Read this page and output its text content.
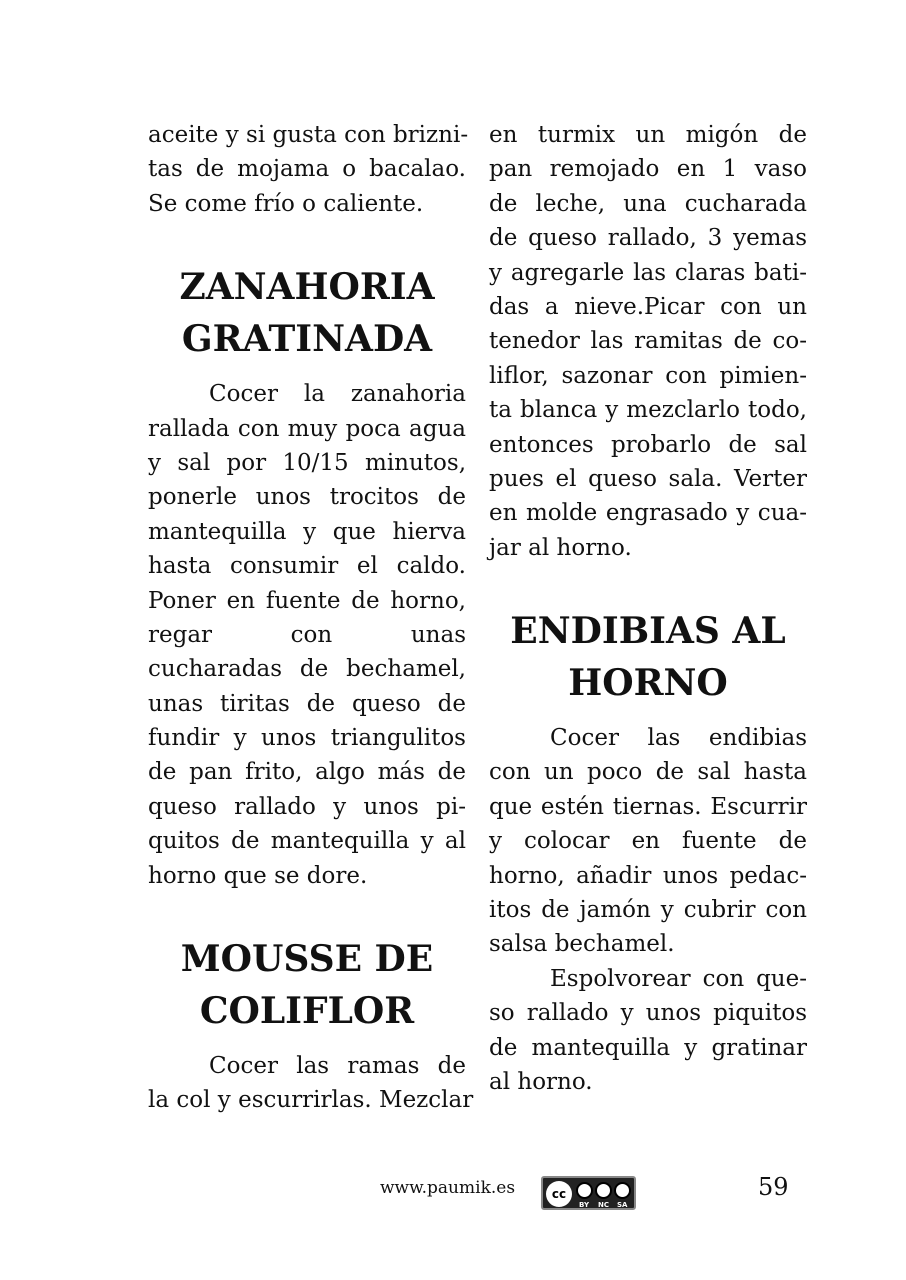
aceite y si gusta con brizni-
tas de mojama o bacalao.
Se come frío o caliente.
ZANAHORIA
GRATINADA
Cocer la zanahoria
rallada con muy poca agua
y sal por 10/15 minutos,
ponerle unos trocitos de
mantequilla y que hierva
hasta consumir el caldo.
Poner en fuente de horno,
regar con unas
cucharadas de bechamel,
unas tiritas de queso de
fundir y unos triangulitos
de pan frito, algo más de
queso rallado y unos pi-
quitos de mantequilla y al
horno que se dore.
MOUSSE DE
COLIFLOR
Cocer las ramas de
la col y escurrirlas. Mezclar
en turmix un migón de
pan remojado en 1 vaso
de leche, una cucharada
de queso rallado, 3 yemas
y agregarle las claras bati-
das a nieve.Picar con un
tenedor las ramitas de co-
liflor, sazonar con pimien-
ta blanca y mezclarlo todo,
entonces probarlo de sal
pues el queso sala. Verter
en molde engrasado y cua-
jar al horno.
ENDIBIAS AL
HORNO
Cocer las endibias
con un poco de sal hasta
que estén tiernas. Escurrir
y colocar en fuente de
horno, añadir unos pedac-
itos de jamón y cubrir con
salsa bechamel.
Espolvorear con que-
so rallado y unos piquitos
de mantequilla y gratinar
al horno.
www.paumik.es	cc
BY NC SA
59
